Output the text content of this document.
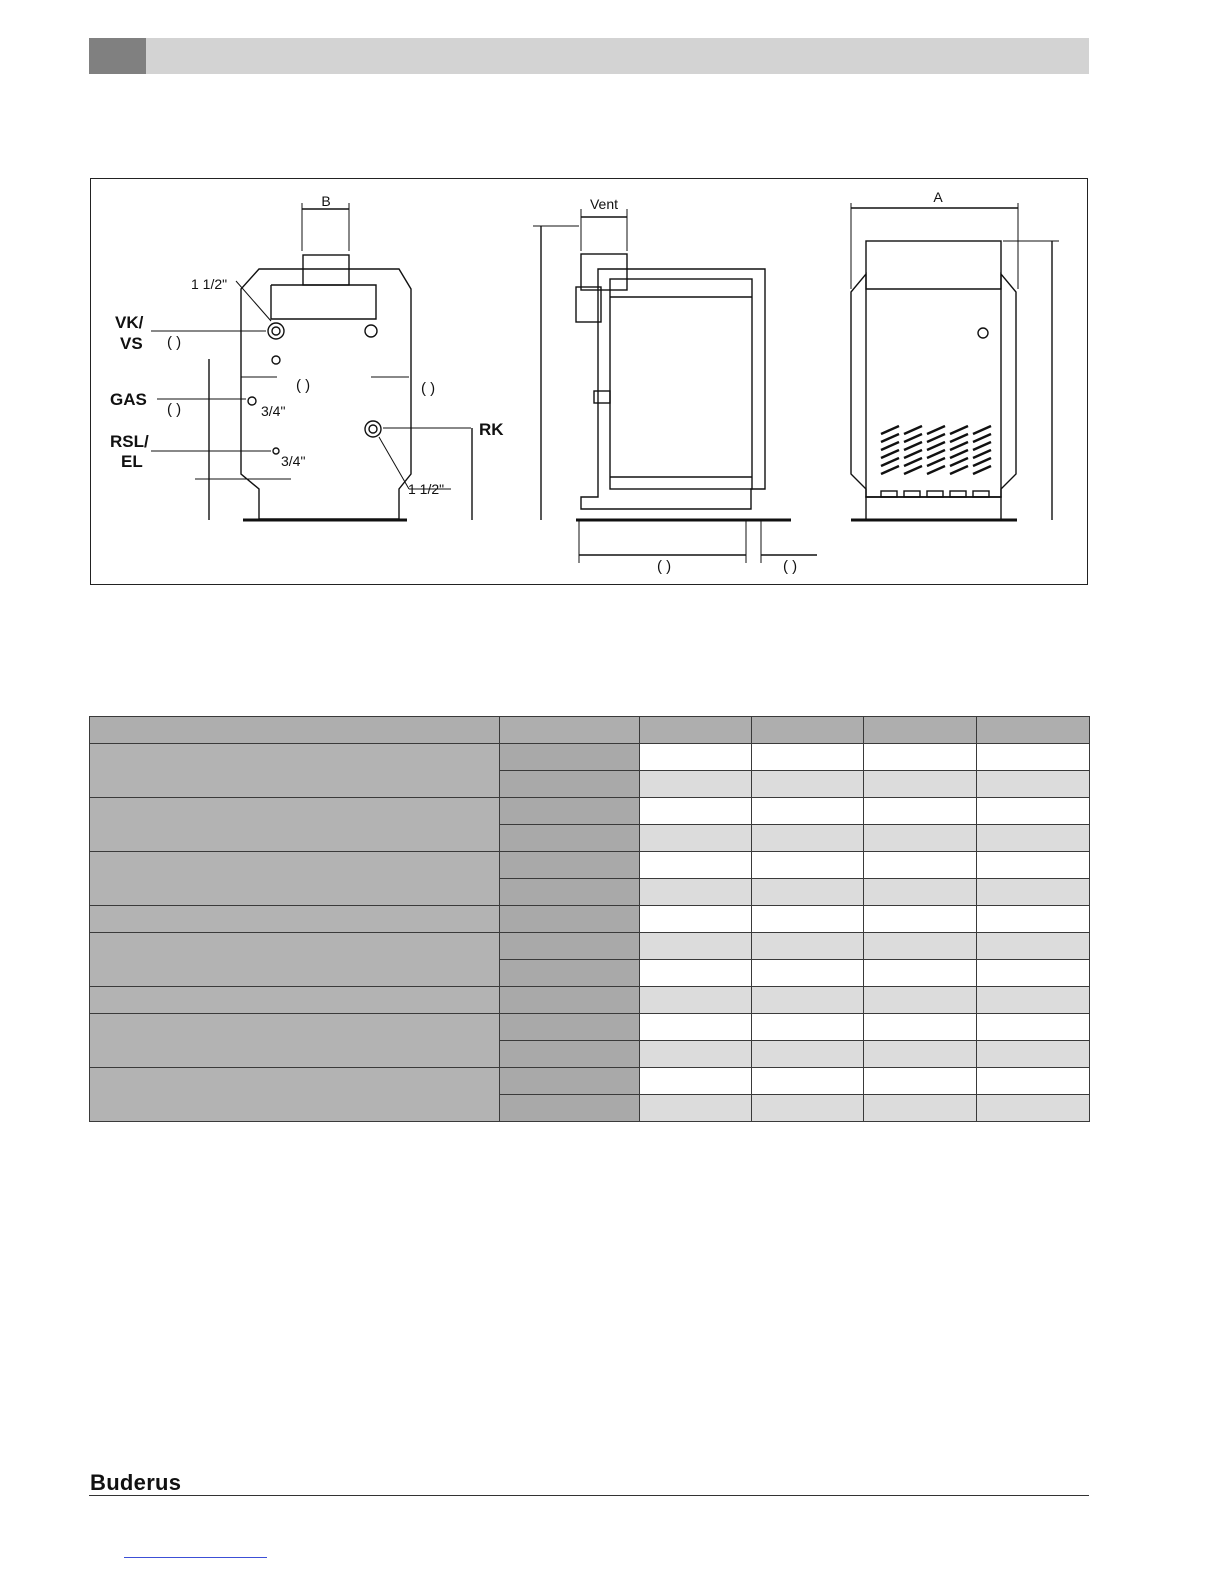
B
1 1/2"
VK/
VS ( )
( )	( )
GAS
( )	3/4"
RK
RSL/
EL	3/4"
1 1/2"
Vent
( )	( )
A

Buderus
